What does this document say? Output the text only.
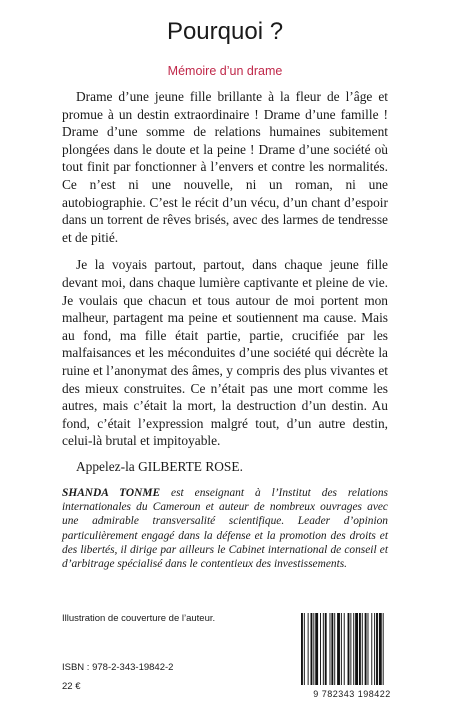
Pourquoi ?
Mémoire d’un drame

Drame d’une jeune fille brillante à la fleur de l’âge et promue à un destin extraordinaire ! Drame d’une famille ! Drame d’une somme de relations humaines subitement plongées dans le doute et la peine ! Drame d’une société où tout finit par fonctionner à l’envers et contre les normalités. Ce n’est ni une nouvelle, ni un roman, ni une autobiographie. C’est le récit d’un vécu, d’un chant d’espoir dans un torrent de rêves brisés, avec des larmes de tendresse et de pitié.

Je la voyais partout, partout, dans chaque jeune fille devant moi, dans chaque lumière captivante et pleine de vie. Je voulais que chacun et tous autour de moi portent mon malheur, partagent ma peine et soutiennent ma cause. Mais au fond, ma fille était partie, partie, crucifiée par les malfaisances et les méconduites d’une société qui décrète la ruine et l’anonymat des âmes, y compris des plus vivantes et des mieux construites. Ce n’était pas une mort comme les autres, mais c’était la mort, la destruction d’un destin. Au fond, c’était l’expression malgré tout, d’un autre destin, celui-là brutal et impitoyable.

Appelez-la GILBERTE ROSE.

SHANDA TONME est enseignant à l’Institut des relations internationales du Cameroun et auteur de nombreux ouvrages avec une admirable transversalité scientifique. Leader d’opinion particulièrement engagé dans la défense et la promotion des droits et des libertés, il dirige par ailleurs le Cabinet international de conseil et d’arbitrage spécialisé dans le contentieux des investissements.
Illustration de couverture de l’auteur.
ISBN : 978-2-343-19842-2
22 €
9 782343 198422
